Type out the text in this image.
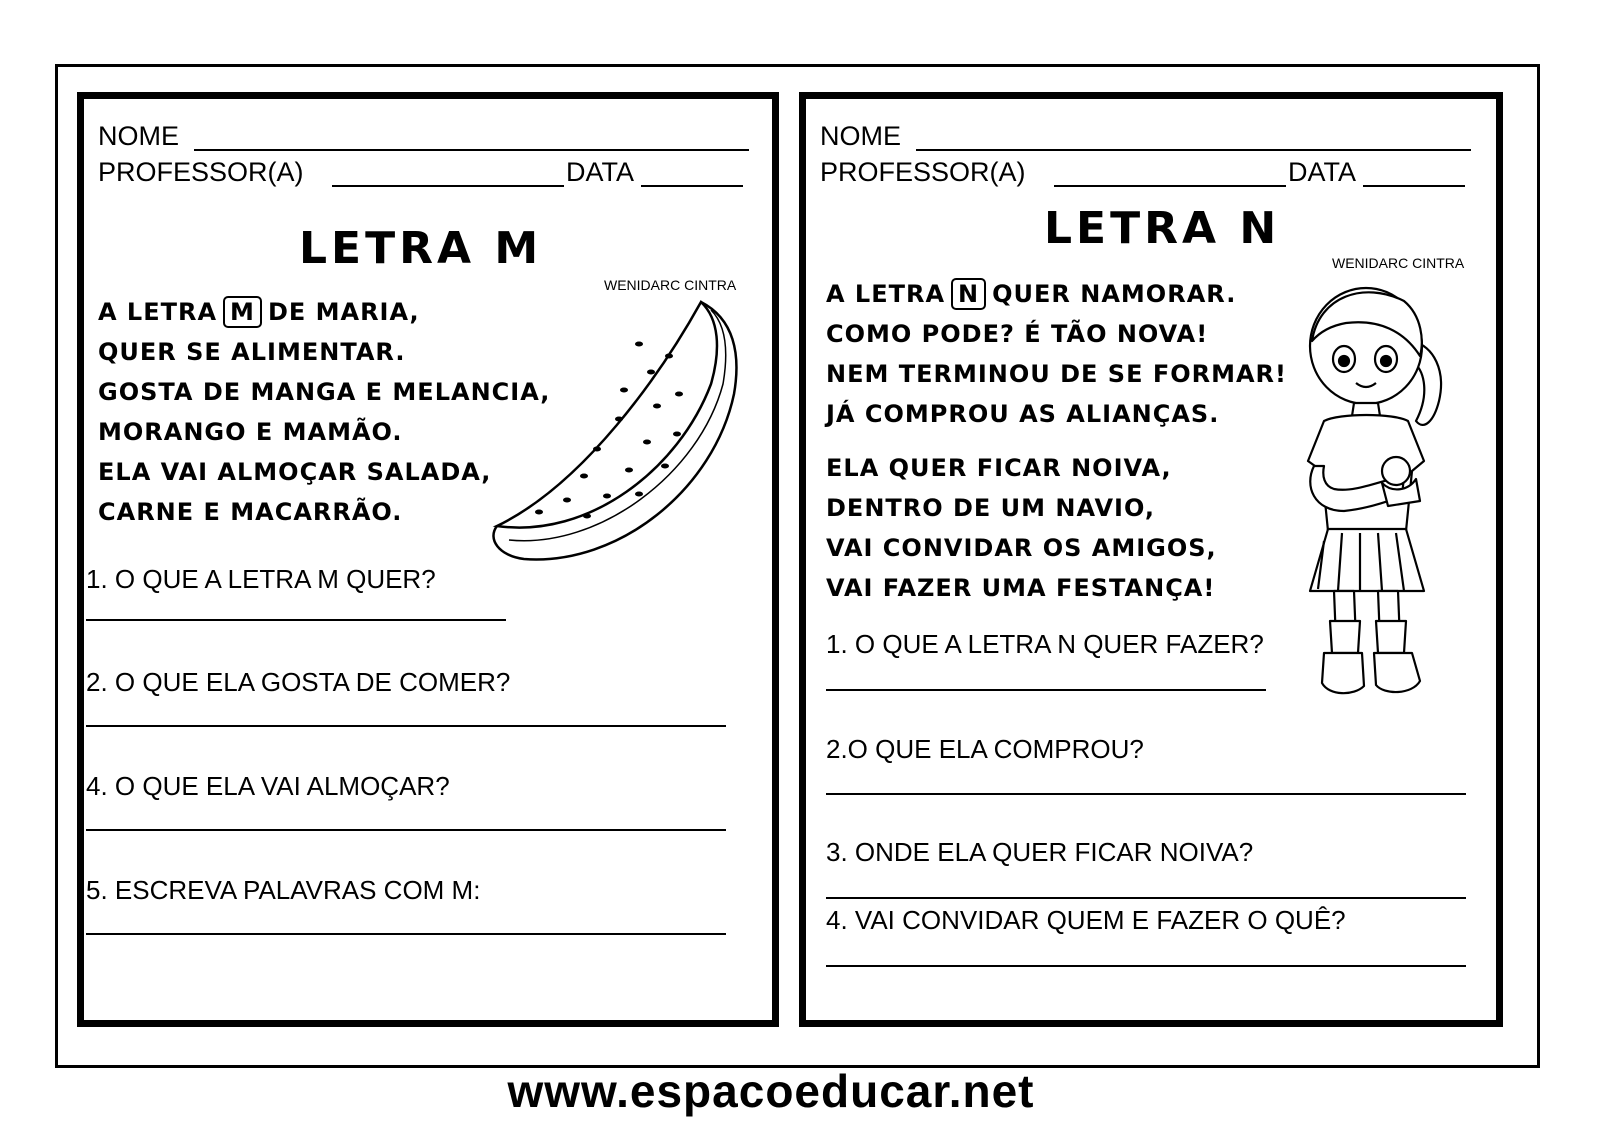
NOME
PROFESSOR(A)	DATA
LETRA M
WENIDARC CINTRA
A LETRA M DE MARIA,
QUER SE ALIMENTAR.
GOSTA DE MANGA E MELANCIA,
MORANGO E MAMÃO.
ELA VAI ALMOÇAR SALADA,
CARNE E MACARRÃO.
1. O QUE A LETRA M QUER?
2. O QUE ELA GOSTA DE COMER?
4. O QUE ELA VAI ALMOÇAR?
5. ESCREVA PALAVRAS COM M:
NOME
PROFESSOR(A)	DATA
LETRA N
WENIDARC CINTRA
A LETRA N QUER NAMORAR.
COMO PODE? É TÃO NOVA!
NEM TERMINOU DE SE FORMAR!
JÁ COMPROU AS ALIANÇAS.
ELA QUER FICAR NOIVA,
DENTRO DE UM NAVIO,
VAI CONVIDAR OS AMIGOS,
VAI FAZER UMA FESTANÇA!
1. O QUE A LETRA N QUER FAZER?
2.O QUE ELA COMPROU?
3. ONDE ELA QUER FICAR NOIVA?
4. VAI CONVIDAR QUEM E FAZER O QUÊ?
www.espacoeducar.net
